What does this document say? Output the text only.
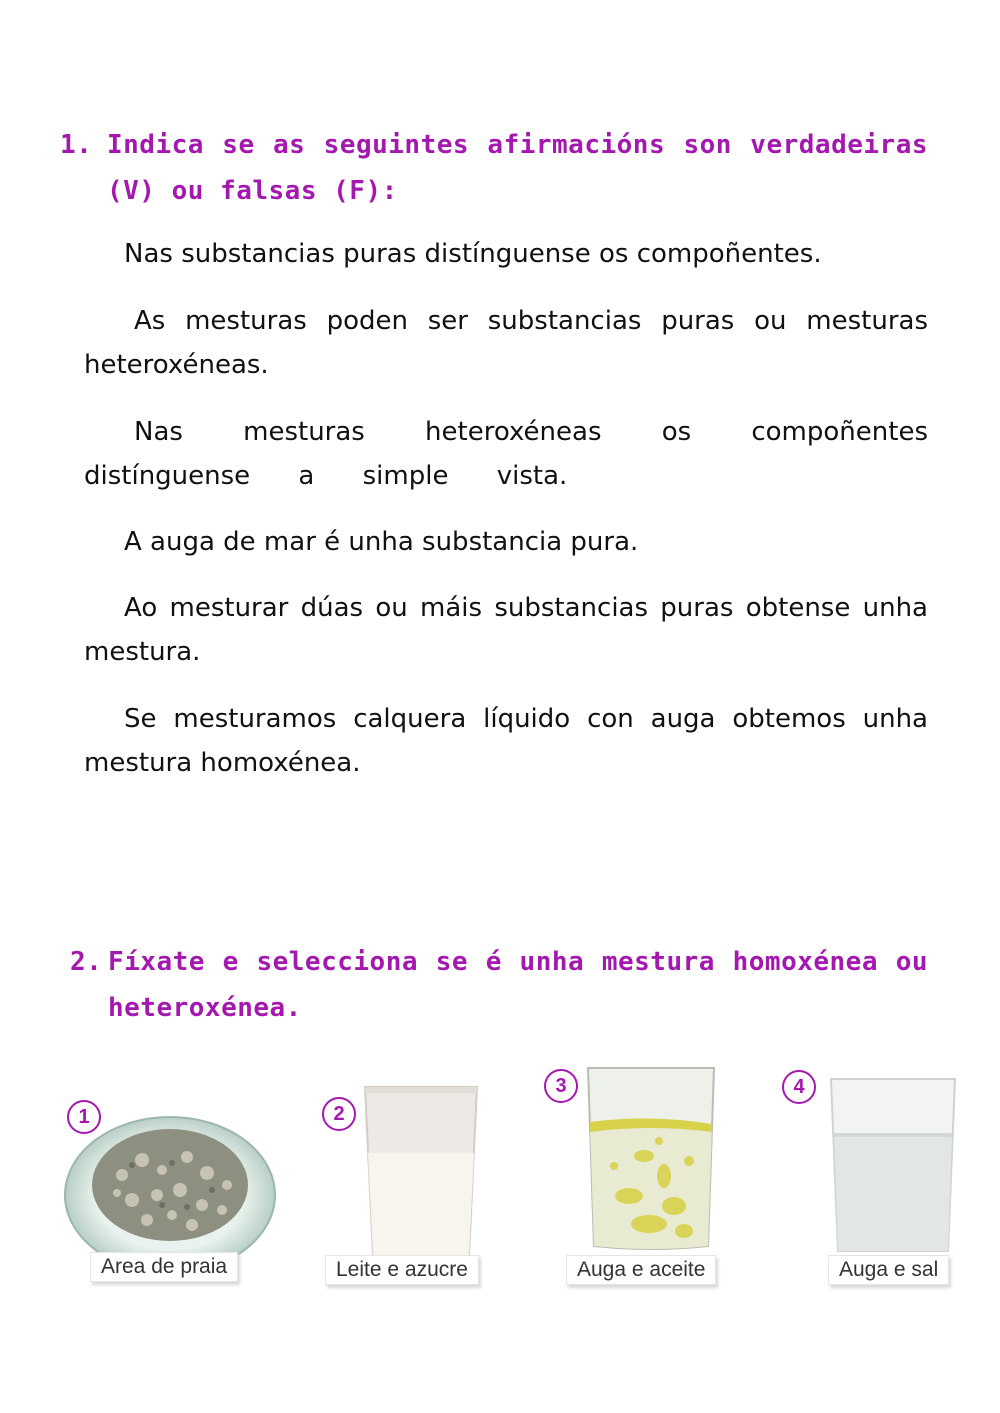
1. Indica se as seguintes afirmacións son verdadeiras (V) ou falsas (F):
Nas substancias puras distínguense os compoñentes.
As mesturas poden ser substancias puras ou mesturas heteroxéneas.
Nas mesturas heteroxéneas os compoñentes distínguense a simple vista.
A auga de mar é unha substancia pura.
Ao mesturar dúas ou máis substancias puras obtense unha mestura.
Se mesturamos calquera líquido con auga obtemos unha mestura homoxénea.
2. Fíxate e selecciona se é unha mestura homoxénea ou heteroxénea.
1
Area de praia
2
Leite e azucre
3
Auga e aceite
4
Auga e sal
